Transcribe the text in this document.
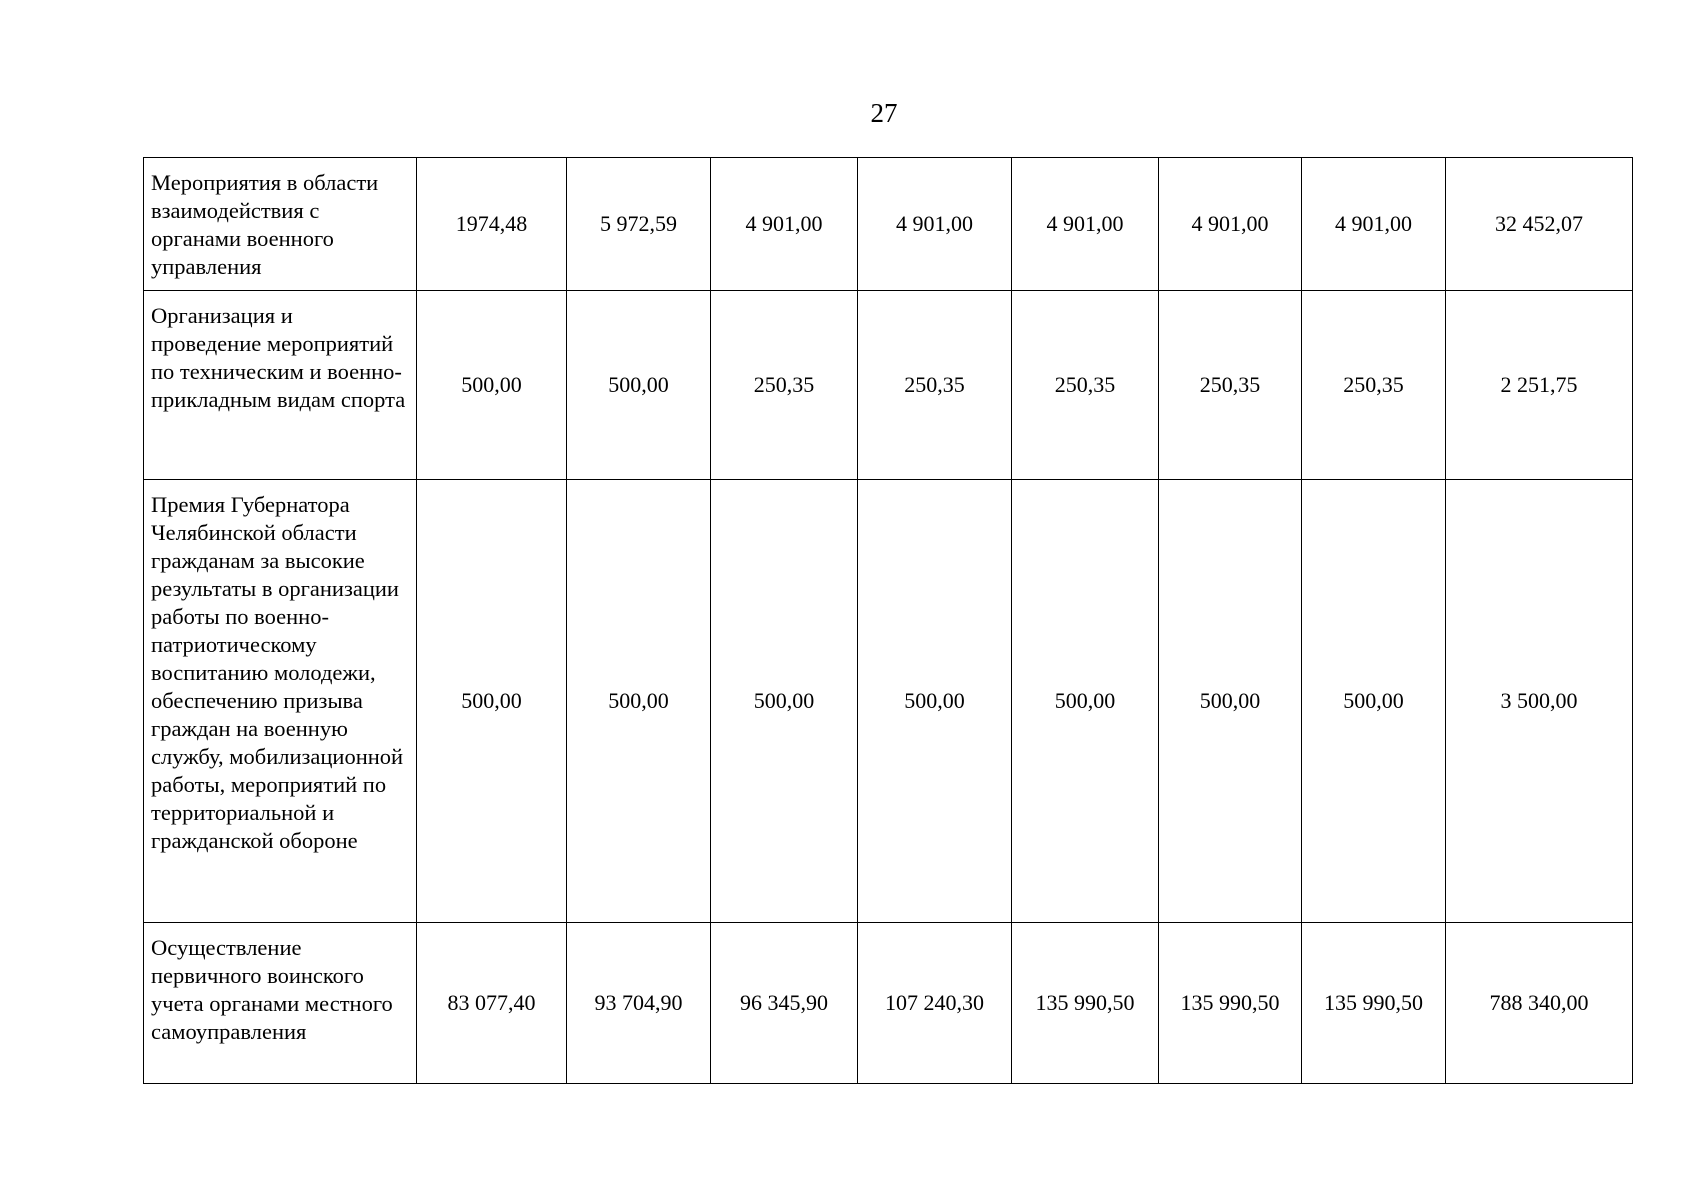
27
Мероприятия в области взаимодействия с органами военного управления	1974,48	5 972,59	4 901,00	4 901,00	4 901,00	4 901,00	4 901,00	32 452,07
Организация и проведение мероприятий по техническим и военно-прикладным видам спорта	500,00	500,00	250,35	250,35	250,35	250,35	250,35	2 251,75
Премия Губернатора Челябинской области гражданам за высокие результаты в организации работы по военно-патриотическому воспитанию молодежи, обеспечению призыва граждан на военную службу, мобилизационной работы, мероприятий по территориальной и гражданской обороне	500,00	500,00	500,00	500,00	500,00	500,00	500,00	3 500,00
Осуществление первичного воинского учета органами местного самоуправления	83 077,40	93 704,90	96 345,90	107 240,30	135 990,50	135 990,50	135 990,50	788 340,00
